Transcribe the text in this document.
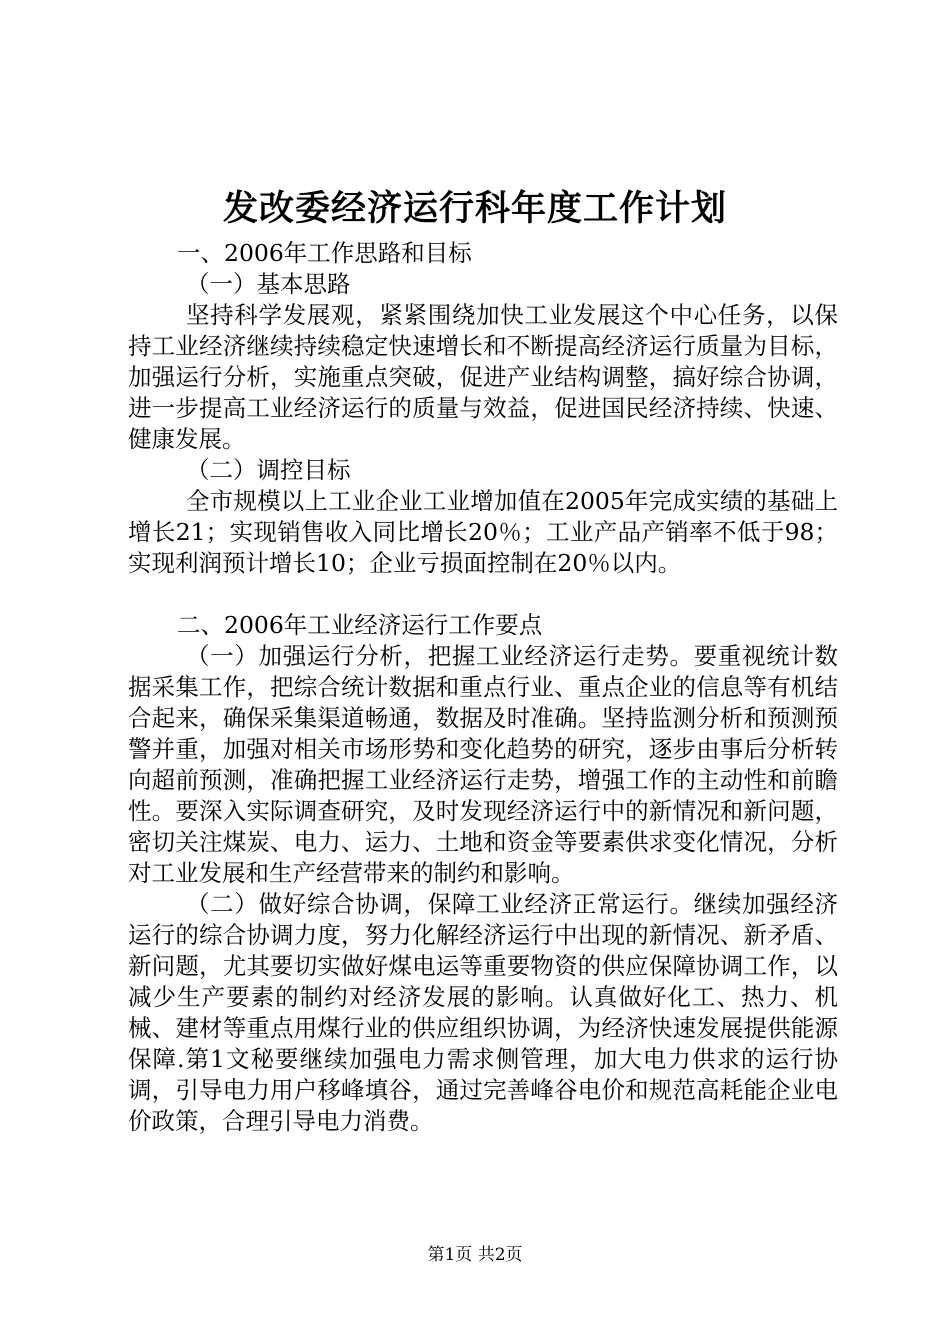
发改委经济运行科年度工作计划

一、2006年工作思路和目标

（一）基本思路

坚持科学发展观，紧紧围绕加快工业发展这个中心任务，以保持工业经济继续持续稳定快速增长和不断提高经济运行质量为目标，加强运行分析，实施重点突破，促进产业结构调整，搞好综合协调，进一步提高工业经济运行的质量与效益，促进国民经济持续、快速、健康发展。

（二）调控目标

全市规模以上工业企业工业增加值在2005年完成实绩的基础上增长21；实现销售收入同比增长20％；工业产品产销率不低于98；实现利润预计增长10；企业亏损面控制在20％以内。

二、2006年工业经济运行工作要点

（一）加强运行分析，把握工业经济运行走势。要重视统计数据采集工作，把综合统计数据和重点行业、重点企业的信息等有机结合起来，确保采集渠道畅通，数据及时准确。坚持监测分析和预测预警并重，加强对相关市场形势和变化趋势的研究，逐步由事后分析转向超前预测，准确把握工业经济运行走势，增强工作的主动性和前瞻性。要深入实际调查研究，及时发现经济运行中的新情况和新问题，密切关注煤炭、电力、运力、土地和资金等要素供求变化情况，分析对工业发展和生产经营带来的制约和影响。

（二）做好综合协调，保障工业经济正常运行。继续加强经济运行的综合协调力度，努力化解经济运行中出现的新情况、新矛盾、新问题，尤其要切实做好煤电运等重要物资的供应保障协调工作，以减少生产要素的制约对经济发展的影响。认真做好化工、热力、机械、建材等重点用煤行业的供应组织协调，为经济快速发展提供能源保障.第1文秘要继续加强电力需求侧管理，加大电力供求的运行协调，引导电力用户移峰填谷，通过完善峰谷电价和规范高耗能企业电价政策，合理引导电力消费。

第1页 共2页
